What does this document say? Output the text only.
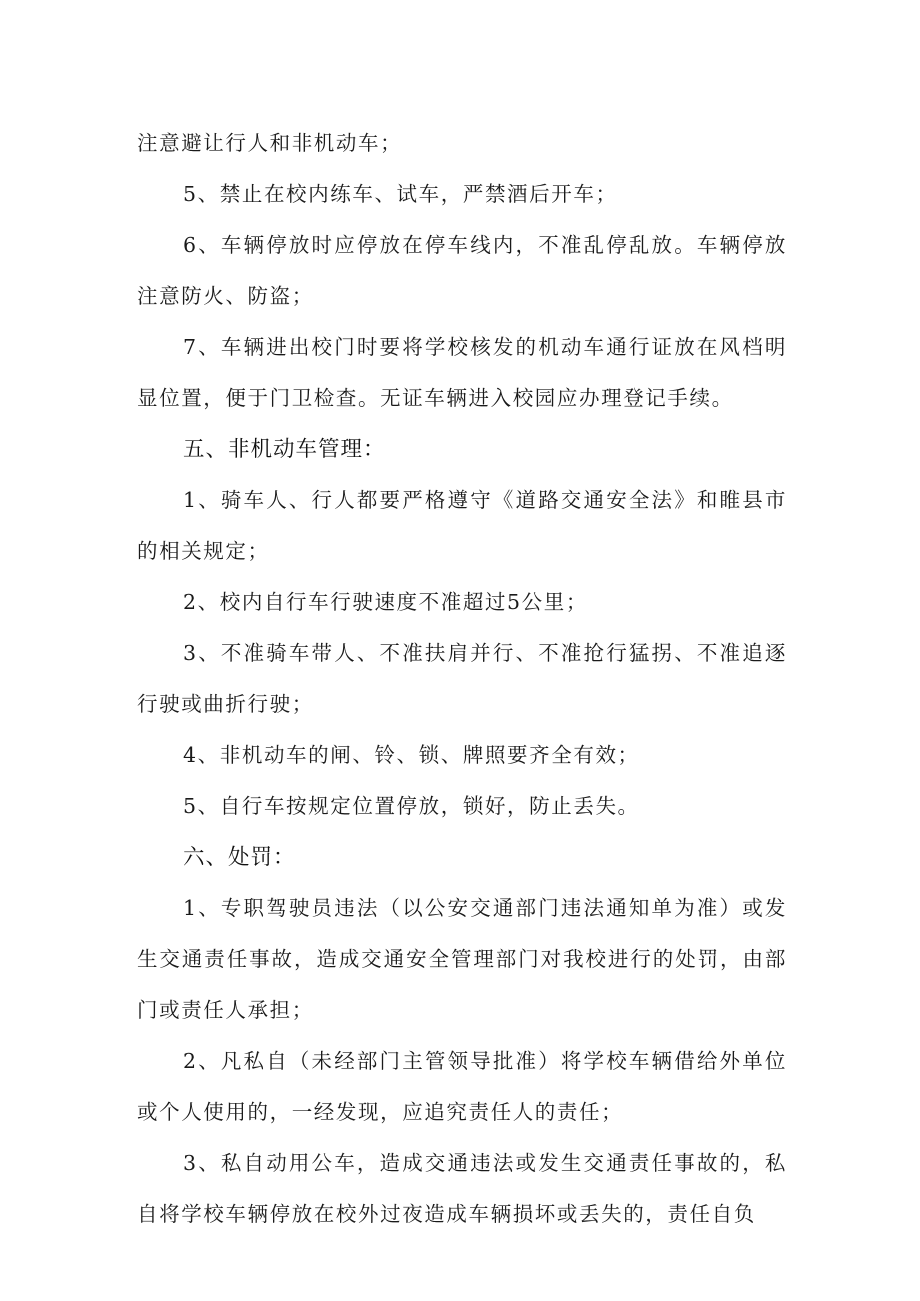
注意避让行人和非机动车；

5、禁止在校内练车、试车，严禁酒后开车；

6、车辆停放时应停放在停车线内，不准乱停乱放。车辆停放注意防火、防盗；

7、车辆进出校门时要将学校核发的机动车通行证放在风档明显位置，便于门卫检查。无证车辆进入校园应办理登记手续。

五、非机动车管理：

1、骑车人、行人都要严格遵守《道路交通安全法》和睢县市的相关规定；

2、校内自行车行驶速度不准超过5公里；

3、不准骑车带人、不准扶肩并行、不准抢行猛拐、不准追逐行驶或曲折行驶；

4、非机动车的闸、铃、锁、牌照要齐全有效；

5、自行车按规定位置停放，锁好，防止丢失。

六、处罚：

1、专职驾驶员违法（以公安交通部门违法通知单为准）或发生交通责任事故，造成交通安全管理部门对我校进行的处罚，由部门或责任人承担；

2、凡私自（未经部门主管领导批准）将学校车辆借给外单位或个人使用的，一经发现，应追究责任人的责任；

3、私自动用公车，造成交通违法或发生交通责任事故的，私自将学校车辆停放在校外过夜造成车辆损坏或丢失的，责任自负
